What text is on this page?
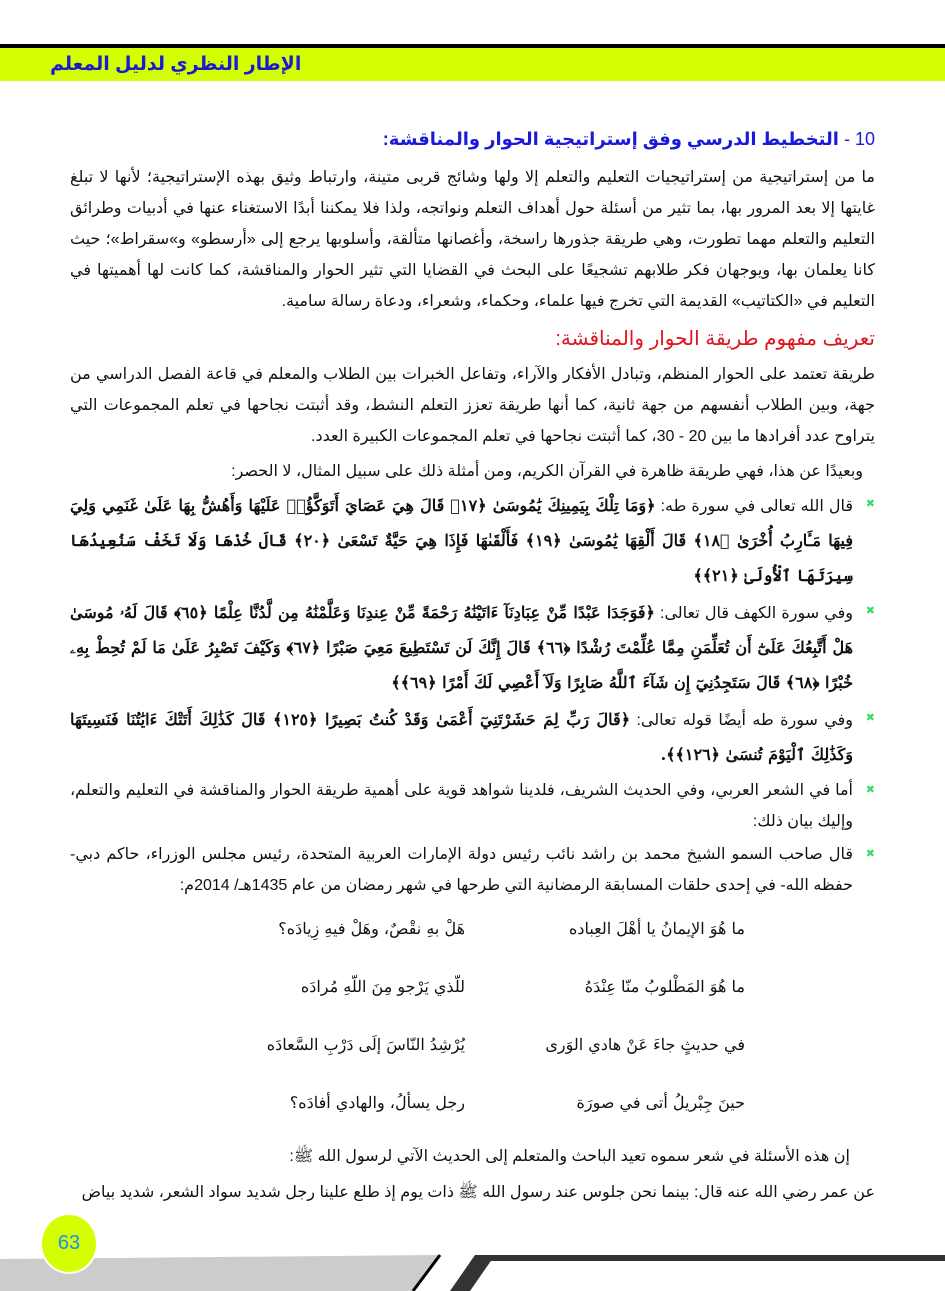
الإطار النظري لدليل المعلم
10 - التخطيط الدرسي وفق إستراتيجية الحوار والمناقشة:

ما من إستراتيجية من إستراتيجيات التعليم والتعلم إلا ولها وشائج قربى متينة، وارتباط وثيق بهذه الإستراتيجية؛ لأنها لا تبلغ غايتها إلا بعد المرور بها، بما تثير من أسئلة حول أهداف التعلم ونواتجه، ولذا فلا يمكننا أبدًا الاستغناء عنها في أدبيات وطرائق التعليم والتعلم مهما تطورت، وهي طريقة جذورها راسخة، وأغصانها متألقة، وأسلوبها يرجع إلى «أرسطو» و»سقراط»؛ حيث كانا يعلمان بها، ويوجهان فكر طلابهم تشجيعًا على البحث في القضايا التي تثير الحوار والمناقشة، كما كانت لها أهميتها في التعليم في «الكتاتيب» القديمة التي تخرج فيها علماء، وحكماء، وشعراء، ودعاة رسالة سامية.

تعريف مفهوم طريقة الحوار والمناقشة:

طريقة تعتمد على الحوار المنظم، وتبادل الأفكار والآراء، وتفاعل الخبرات بين الطلاب والمعلم في قاعة الفصل الدراسي من جهة، وبين الطلاب أنفسهم من جهة ثانية، كما أنها طريقة تعزز التعلم النشط، وقد أثبتت نجاحها في تعلم المجموعات التي يتراوح عدد أفرادها ما بين 20 - 30، كما أثبتت نجاحها في تعلم المجموعات الكبيرة العدد.

وبعيدًا عن هذا، فهي طريقة ظاهرة في القرآن الكريم، ومن أمثلة ذلك على سبيل المثال، لا الحصر:

✖
قال الله تعالى في سورة طه: ﴿وَمَا تِلْكَ بِيَمِينِكَ يَٰمُوسَىٰ ﴿١٧﴾ قَالَ هِيَ عَصَايَ أَتَوَكَّؤُا۟ عَلَيْهَا وَأَهُشُّ بِهَا عَلَىٰ غَنَمِي وَلِيَ فِيهَا مَـَٔارِبُ أُخْرَىٰ ﴿١٨﴾ قَالَ أَلْقِهَا يَٰمُوسَىٰ ﴿١٩﴾ فَأَلْقَىٰهَا فَإِذَا هِيَ حَيَّةٌ تَسْعَىٰ ﴿٢٠﴾ قَالَ خُذْهَا وَلَا تَخَفْ سَنُعِيدُهَا سِيرَتَهَا ٱلْأُولَىٰ ﴿٢١﴾﴾
✖
وفي سورة الكهف قال تعالى: ﴿فَوَجَدَا عَبْدًا مِّنْ عِبَادِنَآ ءَاتَيْنَٰهُ رَحْمَةً مِّنْ عِندِنَا وَعَلَّمْنَٰهُ مِن لَّدُنَّا عِلْمًا ﴿٦٥﴾ قَالَ لَهُۥ مُوسَىٰ هَلْ أَتَّبِعُكَ عَلَىٰٓ أَن تُعَلِّمَنِ مِمَّا عُلِّمْتَ رُشْدًا ﴿٦٦﴾ قَالَ إِنَّكَ لَن تَسْتَطِيعَ مَعِيَ صَبْرًا ﴿٦٧﴾ وَكَيْفَ تَصْبِرُ عَلَىٰ مَا لَمْ تُحِطْ بِهِۦ خُبْرًا ﴿٦٨﴾ قَالَ سَتَجِدُنِيٓ إِن شَآءَ ٱللَّهُ صَابِرًا وَلَآ أَعْصِي لَكَ أَمْرًا ﴿٦٩﴾﴾
✖
وفي سورة طه أيضًا قوله تعالى: ﴿قَالَ رَبِّ لِمَ حَشَرْتَنِيٓ أَعْمَىٰ وَقَدْ كُنتُ بَصِيرًا ﴿١٢٥﴾ قَالَ كَذَٰلِكَ أَتَتْكَ ءَايَٰتُنَا فَنَسِيتَهَا وَكَذَٰلِكَ ٱلْيَوْمَ تُنسَىٰ ﴿١٢٦﴾﴾.
✖
أما في الشعر العربي، وفي الحديث الشريف، فلدينا شواهد قوية على أهمية طريقة الحوار والمناقشة في التعليم والتعلم، وإليك بيان ذلك:
✖
قال صاحب السمو الشيخ محمد بن راشد نائب رئيس دولة الإمارات العربية المتحدة، رئيس مجلس الوزراء، حاكم دبي- حفظه الله- في إحدى حلقات المسابقة الرمضانية التي طرحها في شهر رمضان من عام 1435هـ/ 2014م:
ما هُوَ الإيمانُ يا أهْلَ العِباده
هَلْ بهِ نقْصٌ، وهَلْ فيهِ زِيادَه؟
ما هُوَ المَطْلوبُ منّا عِنْدَهُ
للّذي يَرْجو مِنَ اللّهِ مُرادَه
في حديثٍ جاءَ عَنْ هادي الوَرى
يُرْشِدُ النّاسَ إلَى دَرْبِ السَّعادَه
حينَ جِبْريلُ أتى في صورَة
رجل يسألُ، والهادي أفادَه؟

إن هذه الأسئلة في شعر سموه تعيد الباحث والمتعلم إلى الحديث الآتي لرسول الله ﷺ:

عن عمر رضي الله عنه قال: بينما نحن جلوس عند رسول الله ﷺ ذات يوم إذ طلع علينا رجل شديد سواد الشعر، شديد بياض

63
